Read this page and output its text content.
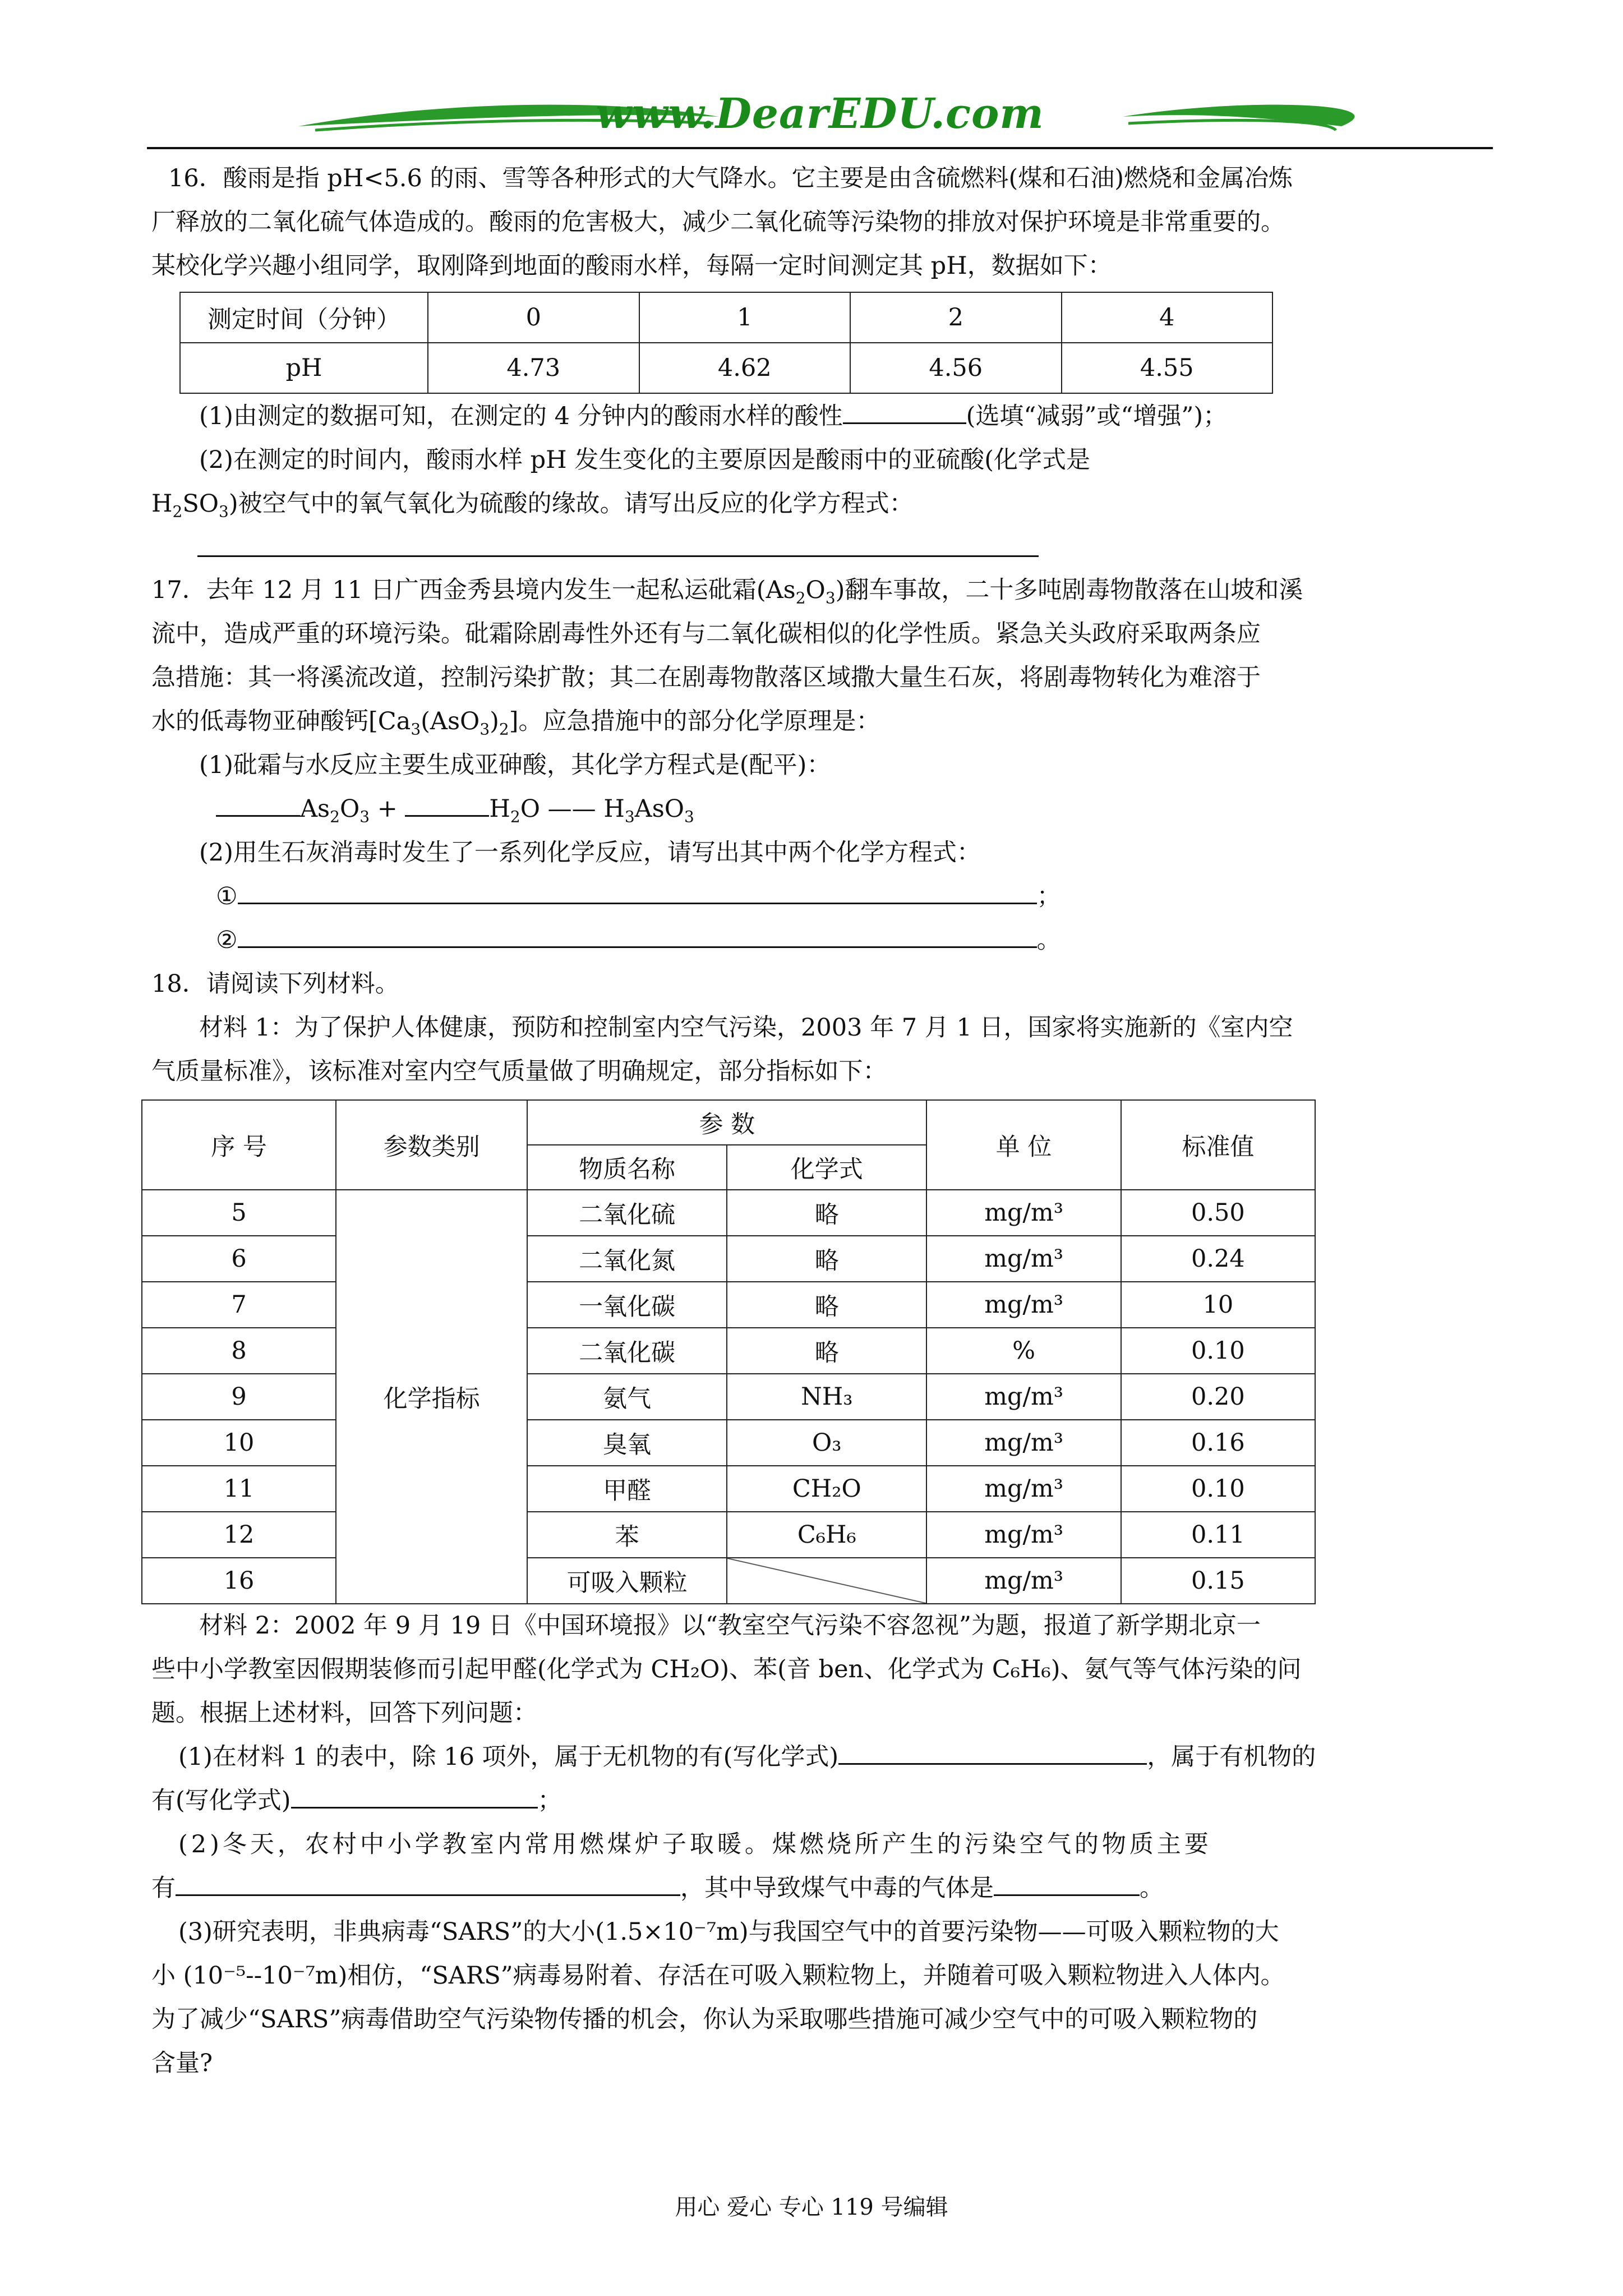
www.DearEDU.com
16．酸雨是指 pH<5.6 的雨、雪等各种形式的大气降水。它主要是由含硫燃料(煤和石油)燃烧和金属冶炼
厂释放的二氧化硫气体造成的。酸雨的危害极大，减少二氧化硫等污染物的排放对保护环境是非常重要的。
某校化学兴趣小组同学，取刚降到地面的酸雨水样，每隔一定时间测定其 pH，数据如下：
测定时间（分钟）	0	1	2	4
pH	4.73	4.62	4.56	4.55
(1)由测定的数据可知，在测定的 4 分钟内的酸雨水样的酸性	(选填“减弱”或“增强”)；
(2)在测定的时间内，酸雨水样 pH 发生变化的主要原因是酸雨中的亚硫酸(化学式是
$H_2SO_3$)被空气中的氧气氧化为硫酸的缘故。请写出反应的化学方程式：
17．去年 12 月 11 日广西金秀县境内发生一起私运砒霜$(As_2O_3)$翻车事故，二十多吨剧毒物散落在山坡和溪
流中，造成严重的环境污染。砒霜除剧毒性外还有与二氧化碳相似的化学性质。紧急关头政府采取两条应
急措施：其一将溪流改道，控制污染扩散；其二在剧毒物散落区域撒大量生石灰，将剧毒物转化为难溶于
水的低毒物亚砷酸钙$[Ca_3(AsO_3)_2]$。应急措施中的部分化学原理是：
(1)砒霜与水反应主要生成亚砷酸，其化学方程式是(配平)：
$As_2O_3$ +	$H_2O$ —— $H_3AsO_3$
(2)用生石灰消毒时发生了一系列化学反应，请写出其中两个化学方程式：
①	；
②	。
18．请阅读下列材料。
材料 1：为了保护人体健康，预防和控制室内空气污染，2003 年 7 月 1 日，国家将实施新的《室内空
气质量标准》，该标准对室内空气质量做了明确规定，部分指标如下：
序 号	参数类别	参 数		单 位	标准值
		物质名称	化学式		
5	化学指标	二氧化硫	略	mg/m³	0.50
6		二氧化氮	略	mg/m³	0.24
7		一氧化碳	略	mg/m³	10
8		二氧化碳	略	%	0.10
9		氨气	NH₃	mg/m³	0.20
10		臭氧	O₃	mg/m³	0.16
11		甲醛	CH₂O	mg/m³	0.10
12		苯	C₆H₆	mg/m³	0.11
16		可吸入颗粒		mg/m³	0.15
材料 2：2002 年 9 月 19 日《中国环境报》以“教室空气污染不容忽视”为题，报道了新学期北京一
些中小学教室因假期装修而引起甲醛(化学式为 CH₂O)、苯(音 ben、化学式为 C₆H₆)、氨气等气体污染的问
题。根据上述材料，回答下列问题：
(1)在材料 1 的表中，除 16 项外，属于无机物的有(写化学式)	，属于有机物的
有(写化学式)	；
(2)冬天，农村中小学教室内常用燃煤炉子取暖。煤燃烧所产生的污染空气的物质主要
有	，其中导致煤气中毒的气体是	。
(3)研究表明，非典病毒“SARS”的大小(1.5×10⁻⁷m)与我国空气中的首要污染物——可吸入颗粒物的大
小 (10⁻⁵--10⁻⁷m)相仿，“SARS”病毒易附着、存活在可吸入颗粒物上，并随着可吸入颗粒物进入人体内。
为了减少“SARS”病毒借助空气污染物传播的机会，你认为采取哪些措施可减少空气中的可吸入颗粒物的
含量?
用心 爱心 专心 119 号编辑
